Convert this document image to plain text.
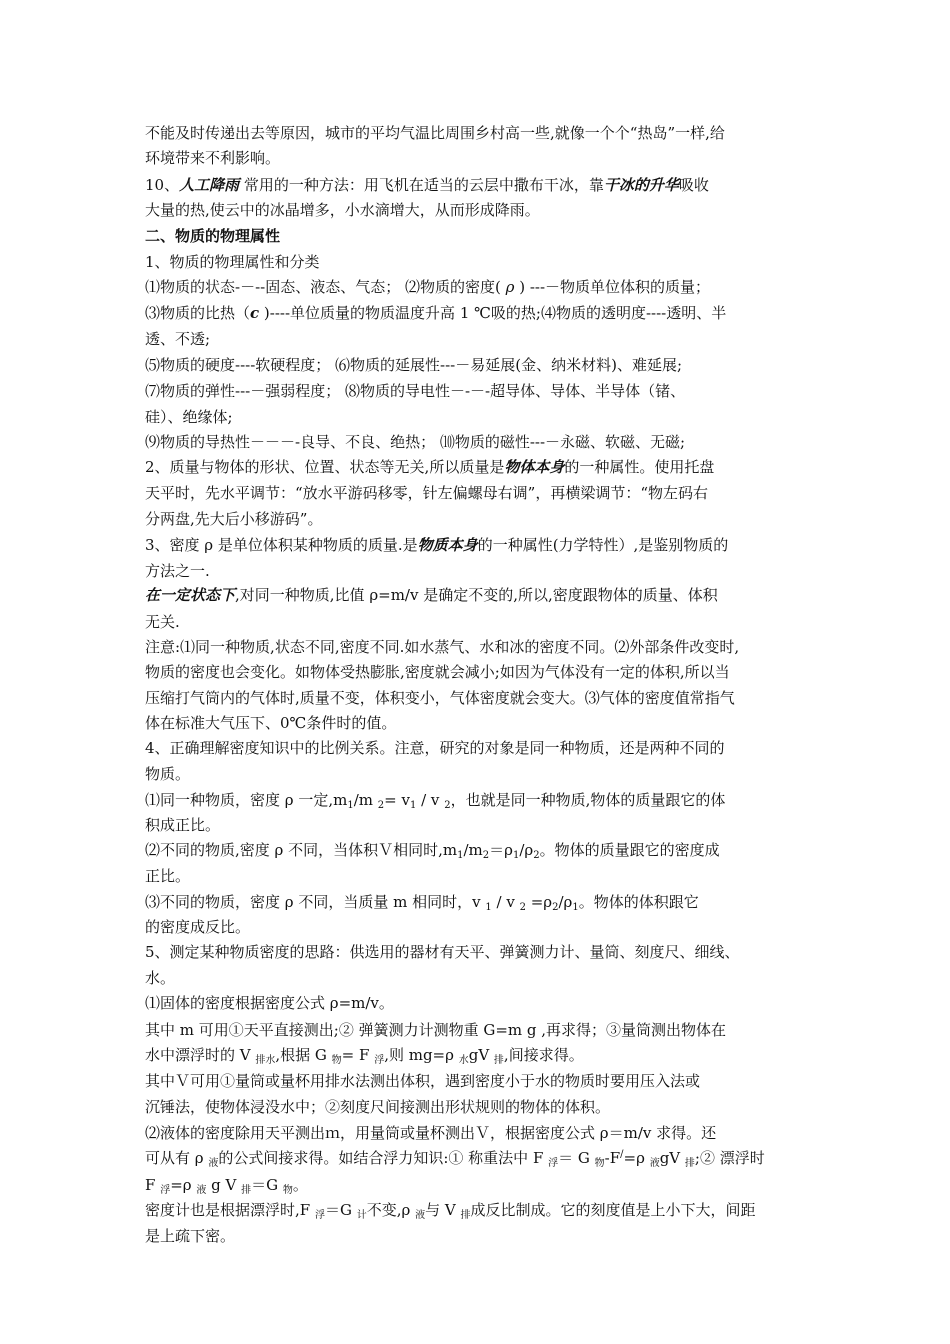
不能及时传递出去等原因，城市的平均气温比周围乡村高一些,就像一个个“热岛”一样,给
环境带来不利影响。
10、人工降雨 常用的一种方法：用飞机在适当的云层中撒布干冰，靠干冰的升华吸收
大量的热,使云中的冰晶增多，小水滴增大，从而形成降雨。
二、物质的物理属性
1、物质的物理属性和分类
⑴物质的状态-－--固态、液态、气态； ⑵物质的密度( ρ ) ---－物质单位体积的质量；
⑶物质的比热（c )----单位质量的物质温度升高 1 ℃吸的热;⑷物质的透明度----透明、半
透、不透;
⑸物质的硬度----软硬程度； ⑹物质的延展性---－易延展(金、纳米材料)、难延展;
⑺物质的弹性---－强弱程度； ⑻物质的导电性－-－-超导体、导体、半导体（锗、
硅）、绝缘体;
⑼物质的导热性－－－-良导、不良、绝热； ⑽物质的磁性---－永磁、软磁、无磁;
2、质量与物体的形状、位置、状态等无关,所以质量是物体本身的一种属性。使用托盘
天平时，先水平调节：“放水平游码移零，针左偏螺母右调”，再横梁调节：“物左码右
分两盘,先大后小移游码”。
3、密度 ρ 是单位体积某种物质的质量.是物质本身的一种属性(力学特性）,是鉴别物质的
方法之一.
在一定状态下,对同一种物质,比值 ρ=m/v 是确定不变的,所以,密度跟物体的质量、体积
无关.
注意:⑴同一种物质,状态不同,密度不同.如水蒸气、水和冰的密度不同。⑵外部条件改变时,
物质的密度也会变化。如物体受热膨胀,密度就会减小;如因为气体没有一定的体积,所以当
压缩打气筒内的气体时,质量不变，体积变小，气体密度就会变大。⑶气体的密度值常指气
体在标准大气压下、0℃条件时的值。
4、正确理解密度知识中的比例关系。注意，研究的对象是同一种物质，还是两种不同的
物质。
⑴同一种物质，密度 ρ 一定$,m_1/m$ $_2= v_1 / v$ $_2$，也就是同一种物质,物体的质量跟它的体
积成正比。
⑵不同的物质,密度 ρ 不同，当体积Ｖ相同时$,m_1/m_2=\rho_1/\rho_2$。物体的质量跟它的密度成
正比。
⑶不同的物质，密度 ρ 不同，当质量 m 相同时，v $_1$ / v $_2 =\rho_2/\rho_1$。物体的体积跟它
的密度成反比。
5、测定某种物质密度的思路：供选用的器材有天平、弹簧测力计、量筒、刻度尺、细线、
水。
⑴固体的密度根据密度公式 ρ=m/v。
其中 m 可用①天平直接测出;② 弹簧测力计测物重 G=m g ,再求得；③量筒测出物体在
水中漂浮时的 V $_{排水}$,根据 G $_物$= F $_浮$,则 mg=ρ $_水$gV $_排$,间接求得。
其中Ｖ可用①量筒或量杯用排水法测出体积，遇到密度小于水的物质时要用压入法或
沉锤法，使物体浸没水中；②刻度尺间接测出形状规则的物体的体积。
⑵液体的密度除用天平测出ｍ，用量筒或量杯测出Ｖ，根据密度公式 ρ＝m/v 求得。还
可从有 ρ $_液$的公式间接求得。如结合浮力知识:① 称重法中 F $_浮$＝ G $_物$-F/=ρ $_液$gV $_排$;② 漂浮时
F $_浮$=ρ $_液$ g V $_排$＝G $_物$。
密度计也是根据漂浮时,F $_浮$＝G $_计$不变,ρ $_液$与 V $_排$成反比制成。它的刻度值是上小下大，间距
是上疏下密。
